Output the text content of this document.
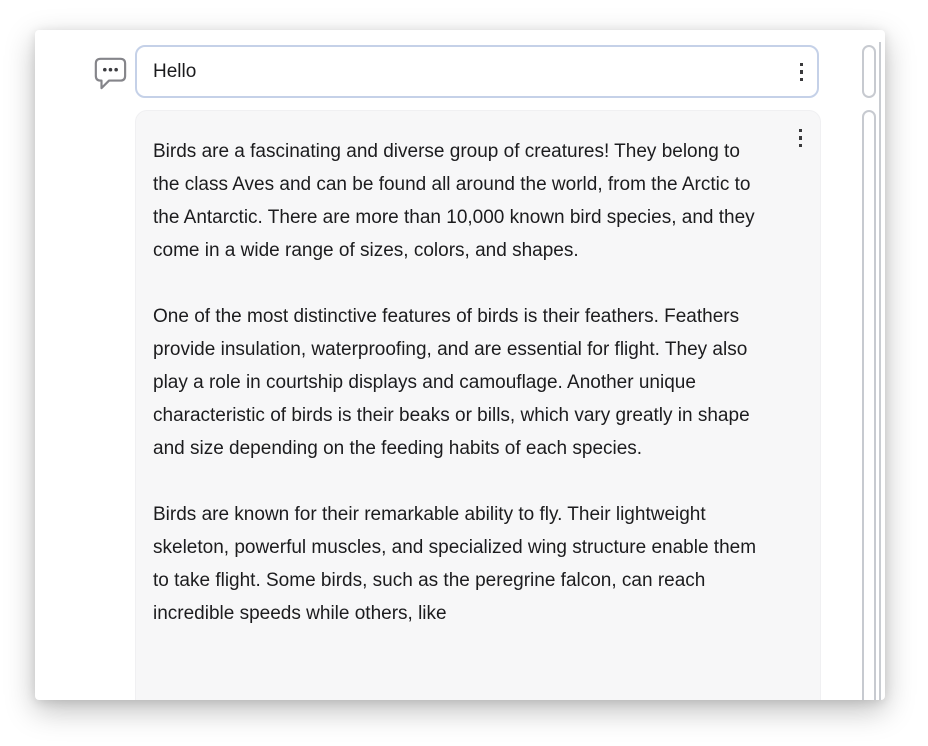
Hello

Birds are a fascinating and diverse group of creatures! They belong to the class Aves and can be found all around the world, from the Arctic to the Antarctic. There are more than 10,000 known bird species, and they come in a wide range of sizes, colors, and shapes.

One of the most distinctive features of birds is their feathers. Feathers provide insulation, waterproofing, and are essential for flight. They also play a role in courtship displays and camouflage. Another unique characteristic of birds is their beaks or bills, which vary greatly in shape and size depending on the feeding habits of each species.

Birds are known for their remarkable ability to fly. Their lightweight skeleton, powerful muscles, and specialized wing structure enable them to take flight. Some birds, such as the peregrine falcon, can reach incredible speeds while others, like
